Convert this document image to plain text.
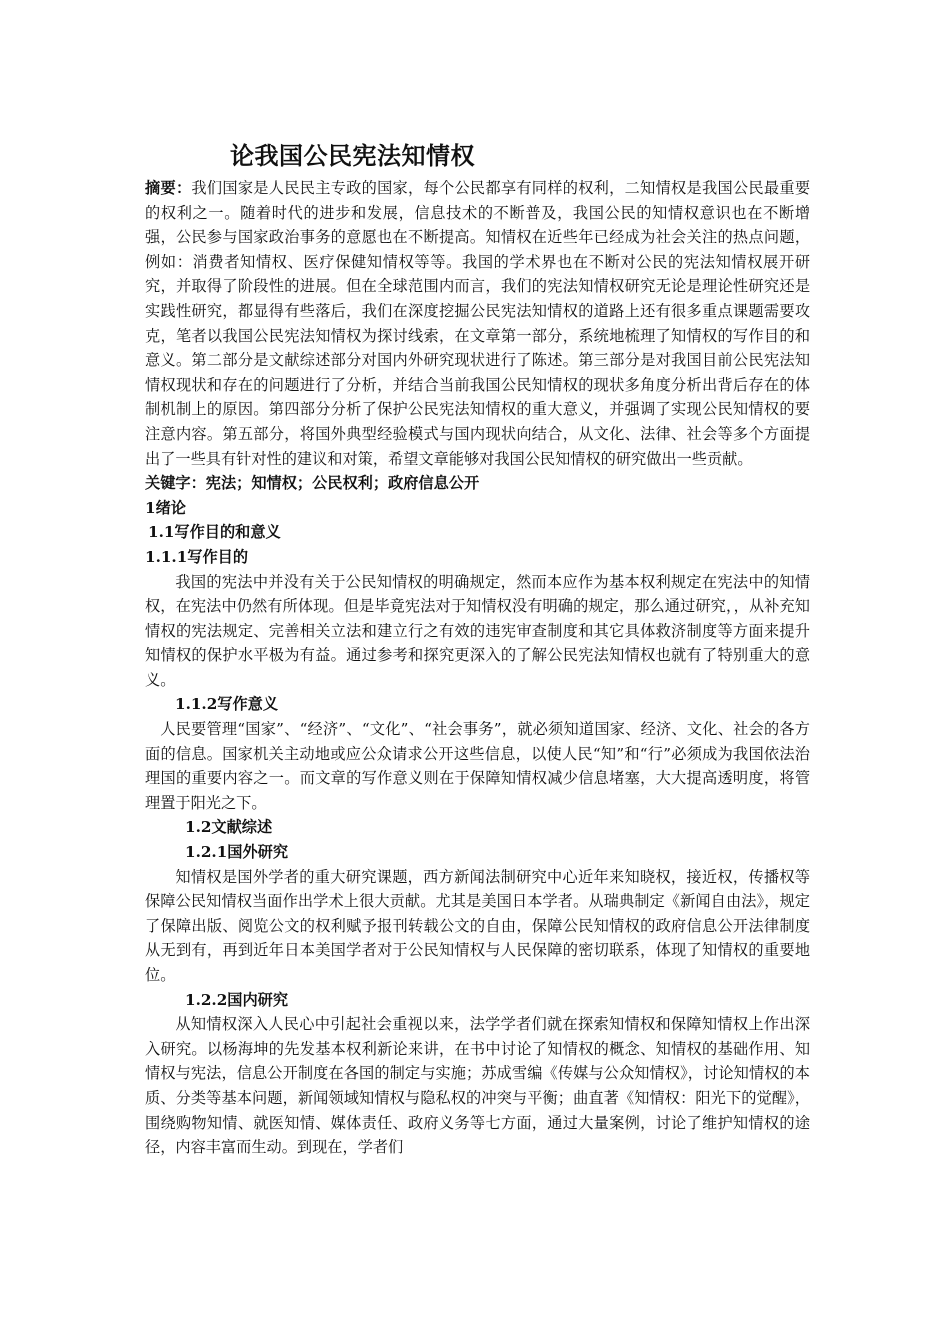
论我国公民宪法知情权

摘要：我们国家是人民民主专政的国家，每个公民都享有同样的权利，二知情权是我国公民最重要的权利之一。随着时代的进步和发展，信息技术的不断普及，我国公民的知情权意识也在不断增强，公民参与国家政治事务的意愿也在不断提高。知情权在近些年已经成为社会关注的热点问题，例如：消费者知情权、医疗保健知情权等等。我国的学术界也在不断对公民的宪法知情权展开研究，并取得了阶段性的进展。但在全球范围内而言，我们的宪法知情权研究无论是理论性研究还是实践性研究，都显得有些落后，我们在深度挖掘公民宪法知情权的道路上还有很多重点课题需要攻克，笔者以我国公民宪法知情权为探讨线索，在文章第一部分，系统地梳理了知情权的写作目的和意义。第二部分是文献综述部分对国内外研究现状进行了陈述。第三部分是对我国目前公民宪法知情权现状和存在的问题进行了分析，并结合当前我国公民知情权的现状多角度分析出背后存在的体制机制上的原因。第四部分分析了保护公民宪法知情权的重大意义，并强调了实现公民知情权的要注意内容。第五部分，将国外典型经验模式与国内现状向结合，从文化、法律、社会等多个方面提出了一些具有针对性的建议和对策，希望文章能够对我国公民知情权的研究做出一些贡献。

关键字：宪法；知情权；公民权利；政府信息公开

1绪论

1.1写作目的和意义

1.1.1写作目的

我国的宪法中并没有关于公民知情权的明确规定，然而本应作为基本权利规定在宪法中的知情权，在宪法中仍然有所体现。但是毕竟宪法对于知情权没有明确的规定，那么通过研究，，从补充知情权的宪法规定、完善相关立法和建立行之有效的违宪审查制度和其它具体救济制度等方面来提升知情权的保护水平极为有益。通过参考和探究更深入的了解公民宪法知情权也就有了特别重大的意义。

1.1.2写作意义

人民要管理“国家”、“经济”、“文化”、“社会事务”，就必须知道国家、经济、文化、社会的各方面的信息。国家机关主动地或应公众请求公开这些信息，以使人民“知”和“行”必须成为我国依法治理国的重要内容之一。而文章的写作意义则在于保障知情权减少信息堵塞，大大提高透明度，将管理置于阳光之下。

1.2文献综述

1.2.1国外研究

知情权是国外学者的重大研究课题，西方新闻法制研究中心近年来知晓权，接近权，传播权等保障公民知情权当面作出学术上很大贡献。尤其是美国日本学者。从瑞典制定《新闻自由法》，规定 了保障出版、阅览公文的权利赋予报刊转载公文的自由，保障公民知情权的政府信息公开法律制度从无到有，再到近年日本美国学者对于公民知情权与人民保障的密切联系，体现了知情权的重要地位。

1.2.2国内研究

从知情权深入人民心中引起社会重视以来，法学学者们就在探索知情权和保障知情权上作出深入研究。以杨海坤的先发基本权利新论来讲，在书中讨论了知情权的概念、知情权的基础作用、知情权与宪法，信息公开制度在各国的制定与实施；苏成雪编《传媒与公众知情权》，讨论知情权的本质、分类等基本问题，新闻领域知情权与隐私权的冲突与平衡；曲直著《知情权：阳光下的觉醒》，围绕购物知情、就医知情、媒体责任、政府义务等七方面，通过大量案例，讨论了维护知情权的途径，内容丰富而生动。到现在，学者们
